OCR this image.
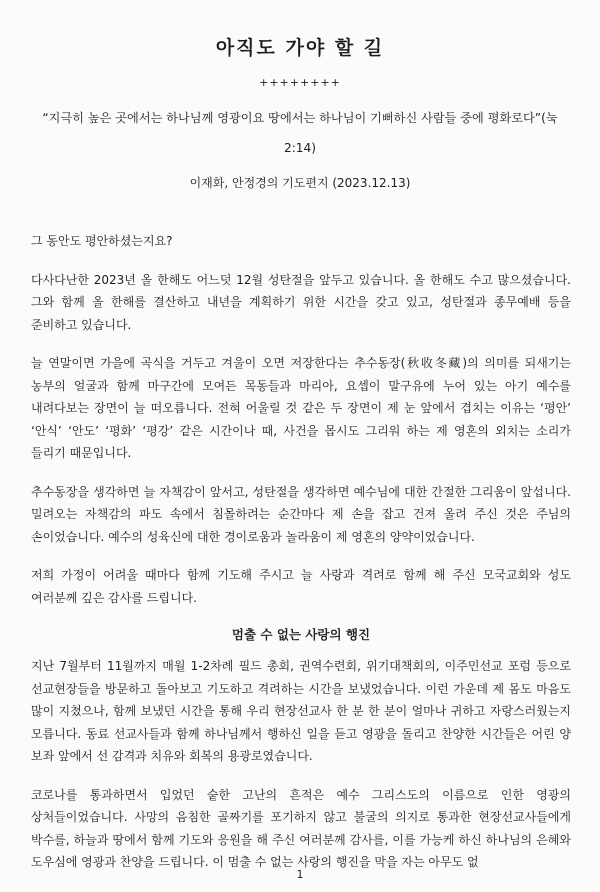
아직도 가야 할 길

++++++++

“지극히 높은 곳에서는 하나님께 영광이요 땅에서는 하나님이 기뻐하신 사람들 중에 평화로다”(눅 2:14)

이재화, 안정경의 기도편지 (2023.12.13)

그 동안도 평안하셨는지요?

다사다난한 2023년 올 한해도 어느덧 12월 성탄절을 앞두고 있습니다. 올 한해도 수고 많으셨습니다. 그와 함께 올 한해를 결산하고 내년을 계획하기 위한 시간을 갖고 있고, 성탄절과 종무예배 등을 준비하고 있습니다.

늘 연말이면 가을에 곡식을 거두고 겨울이 오면 저장한다는 추수동장(秋收冬藏)의 의미를 되새기는 농부의 얼굴과 함께 마구간에 모여든 목동들과 마리아, 요셉이 말구유에 누어 있는 아기 예수를 내려다보는 장면이 늘 떠오릅니다. 전혀 어울릴 것 같은 두 장면이 제 눈 앞에서 겹치는 이유는 ‘평안’ ‘안식’ ‘안도’ ‘평화’ ‘평강’ 같은 시간이나 때, 사건을 몹시도 그리워 하는 제 영혼의 외치는 소리가 들리기 때문입니다.

추수동장을 생각하면 늘 자책감이 앞서고, 성탄절을 생각하면 예수님에 대한 간절한 그리움이 앞섭니다. 밀려오는 자책감의 파도 속에서 침몰하려는 순간마다 제 손을 잡고 건져 올려 주신 것은 주님의 손이었습니다. 예수의 성육신에 대한 경이로움과 놀라움이 제 영혼의 양약이었습니다.

저희 가정이 어려울 때마다 함께 기도해 주시고 늘 사랑과 격려로 함께 해 주신 모국교회와 성도 여러분께 깊은 감사를 드립니다.

멈출 수 없는 사랑의 행진

지난 7월부터 11월까지 매월 1-2차례 필드 총회, 권역수련회, 위기대책회의, 이주민선교 포럼 등으로 선교현장들을 방문하고 돌아보고 기도하고 격려하는 시간을 보냈었습니다. 이런 가운데 제 몸도 마음도 많이 지쳤으나, 함께 보냈던 시간을 통해 우리 현장선교사 한 분 한 분이 얼마나 귀하고 자랑스러웠는지 모릅니다. 동료 선교사들과 함께 하나님께서 행하신 일을 듣고 영광을 돌리고 찬양한 시간들은 어린 양 보좌 앞에서 선 감격과 치유와 회복의 용광로였습니다.

코로나를 통과하면서 입었던 숱한 고난의 흔적은 예수 그리스도의 이름으로 인한 영광의 상처들이었습니다. 사망의 음침한 골짜기를 포기하지 않고 불굴의 의지로 통과한 현장선교사들에게 박수를, 하늘과 땅에서 함께 기도와 응원을 해 주신 여러분께 감사를, 이를 가능케 하신 하나님의 은혜와 도우심에 영광과 찬양을 드립니다. 이 멈출 수 없는 사랑의 행진을 막을 자는 아무도 없

1
